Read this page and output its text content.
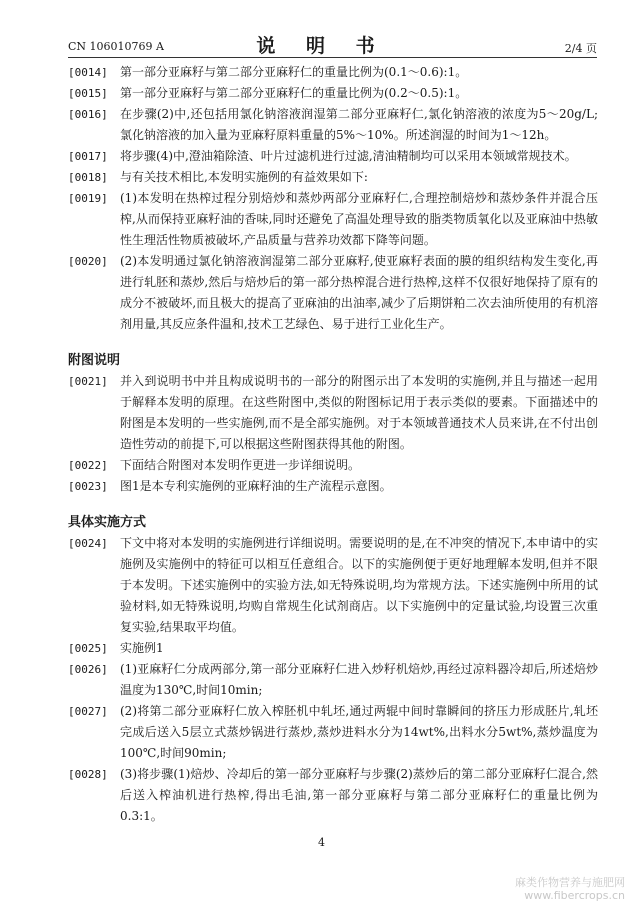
CN 106010769 A	说 明 书	2/4 页
[0014] 第一部分亚麻籽与第二部分亚麻籽仁的重量比例为(0.1～0.6):1。
[0015] 第一部分亚麻籽与第二部分亚麻籽仁的重量比例为(0.2～0.5):1。
[0016] 在步骤(2)中,还包括用氯化钠溶液润湿第二部分亚麻籽仁,氯化钠溶液的浓度为5～20g/L;氯化钠溶液的加入量为亚麻籽原料重量的5%～10%。所述润湿的时间为1～12h。
[0017] 将步骤(4)中,澄油箱除渣、叶片过滤机进行过滤,清油精制均可以采用本领域常规技术。
[0018] 与有关技术相比,本发明实施例的有益效果如下:
[0019] (1)本发明在热榨过程分别焙炒和蒸炒两部分亚麻籽仁,合理控制焙炒和蒸炒条件并混合压榨,从而保持亚麻籽油的香味,同时还避免了高温处理导致的脂类物质氧化以及亚麻油中热敏性生理活性物质被破坏,产品质量与营养功效都下降等问题。
[0020] (2)本发明通过氯化钠溶液润湿第二部分亚麻籽,使亚麻籽表面的膜的组织结构发生变化,再进行轧胚和蒸炒,然后与焙炒后的第一部分热榨混合进行热榨,这样不仅很好地保持了原有的成分不被破坏,而且极大的提高了亚麻油的出油率,减少了后期饼粕二次去油所使用的有机溶剂用量,其反应条件温和,技术工艺绿色、易于进行工业化生产。
附图说明
[0021] 并入到说明书中并且构成说明书的一部分的附图示出了本发明的实施例,并且与描述一起用于解释本发明的原理。在这些附图中,类似的附图标记用于表示类似的要素。下面描述中的附图是本发明的一些实施例,而不是全部实施例。对于本领域普通技术人员来讲,在不付出创造性劳动的前提下,可以根据这些附图获得其他的附图。
[0022] 下面结合附图对本发明作更进一步详细说明。
[0023] 图1是本专利实施例的亚麻籽油的生产流程示意图。
具体实施方式
[0024] 下文中将对本发明的实施例进行详细说明。需要说明的是,在不冲突的情况下,本申请中的实施例及实施例中的特征可以相互任意组合。以下的实施例便于更好地理解本发明,但并不限于本发明。下述实施例中的实验方法,如无特殊说明,均为常规方法。下述实施例中所用的试验材料,如无特殊说明,均购自常规生化试剂商店。以下实施例中的定量试验,均设置三次重复实验,结果取平均值。
[0025] 实施例1
[0026] (1)亚麻籽仁分成两部分,第一部分亚麻籽仁进入炒籽机焙炒,再经过凉料器冷却后,所述焙炒温度为130℃,时间10min;
[0027] (2)将第二部分亚麻籽仁放入榨胚机中轧坯,通过两辊中间时靠瞬间的挤压力形成胚片,轧坯完成后送入5层立式蒸炒锅进行蒸炒,蒸炒进料水分为14wt%,出料水分5wt%,蒸炒温度为100℃,时间90min;
[0028] (3)将步骤(1)焙炒、冷却后的第一部分亚麻籽与步骤(2)蒸炒后的第二部分亚麻籽仁混合,然后送入榨油机进行热榨,得出毛油,第一部分亚麻籽与第二部分亚麻籽仁的重量比例为0.3:1。
4
麻类作物营养与施肥网
www.fibercrops.cn
